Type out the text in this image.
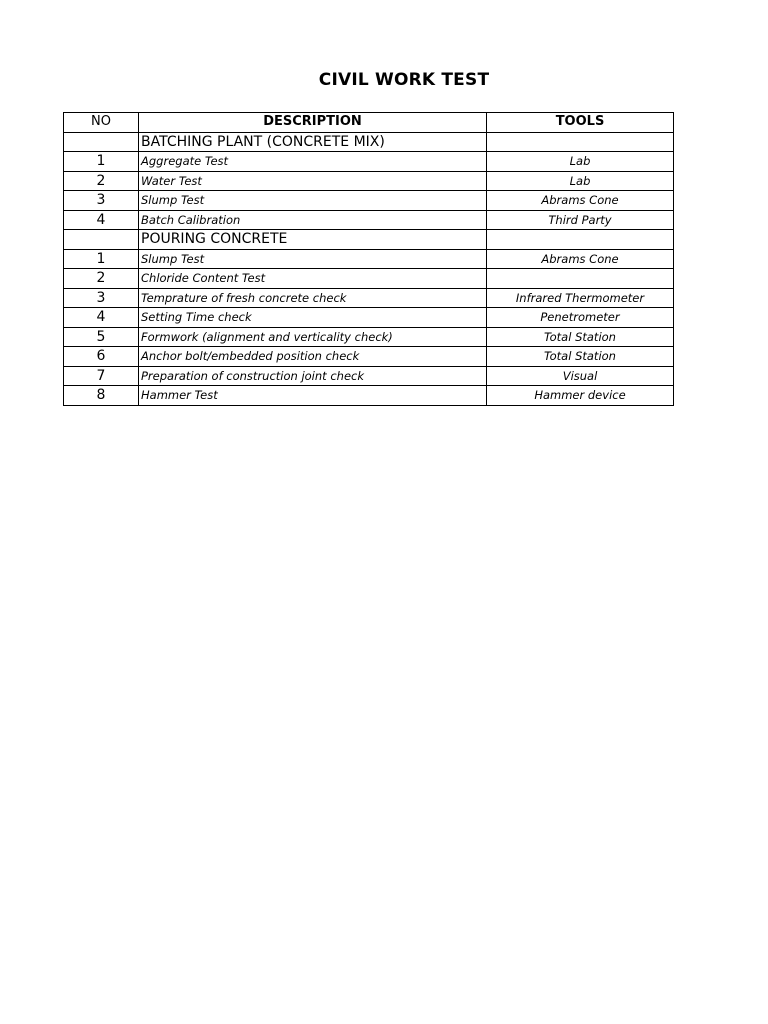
CIVIL WORK TEST
NO	DESCRIPTION	TOOLS
	BATCHING PLANT (CONCRETE MIX)	
1	Aggregate Test	Lab
2	Water Test	Lab
3	Slump Test	Abrams Cone
4	Batch Calibration	Third Party
	POURING CONCRETE	
1	Slump Test	Abrams Cone
2	Chloride Content Test	
3	Temprature of fresh concrete check	Infrared Thermometer
4	Setting Time check	Penetrometer
5	Formwork (alignment and verticality check)	Total Station
6	Anchor bolt/embedded position check	Total Station
7	Preparation of construction joint check	Visual
8	Hammer Test	Hammer device
